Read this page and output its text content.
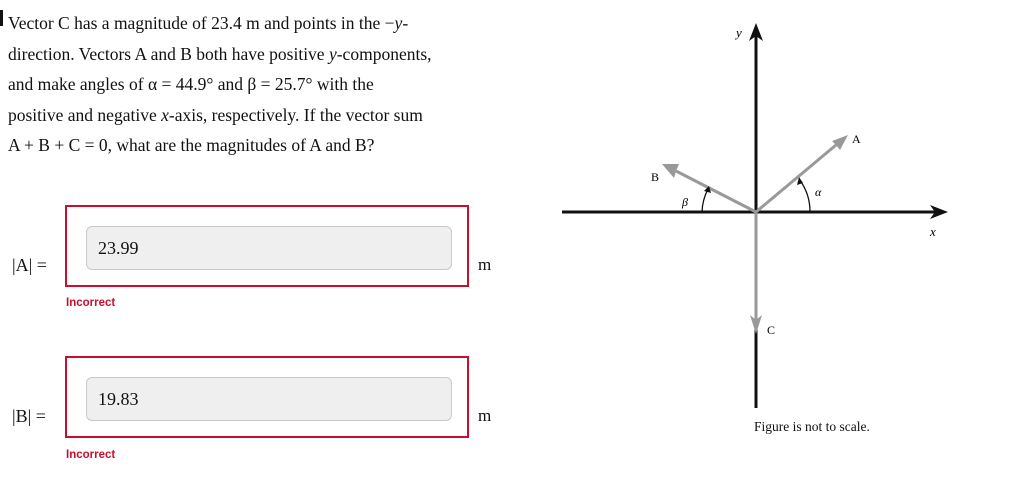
Vector C has a magnitude of 23.4 m and points in the −y-

direction. Vectors A and B both have positive y-components,

and make angles of α = 44.9° and β = 25.7° with the

positive and negative x-axis, respectively. If the vector sum

A + B + C = 0, what are the magnitudes of A and B?

|A| =
23.99	m
Incorrect
|B| =
19.83	m
Incorrect
y
x
A
B
C
α
β
Figure is not to scale.
